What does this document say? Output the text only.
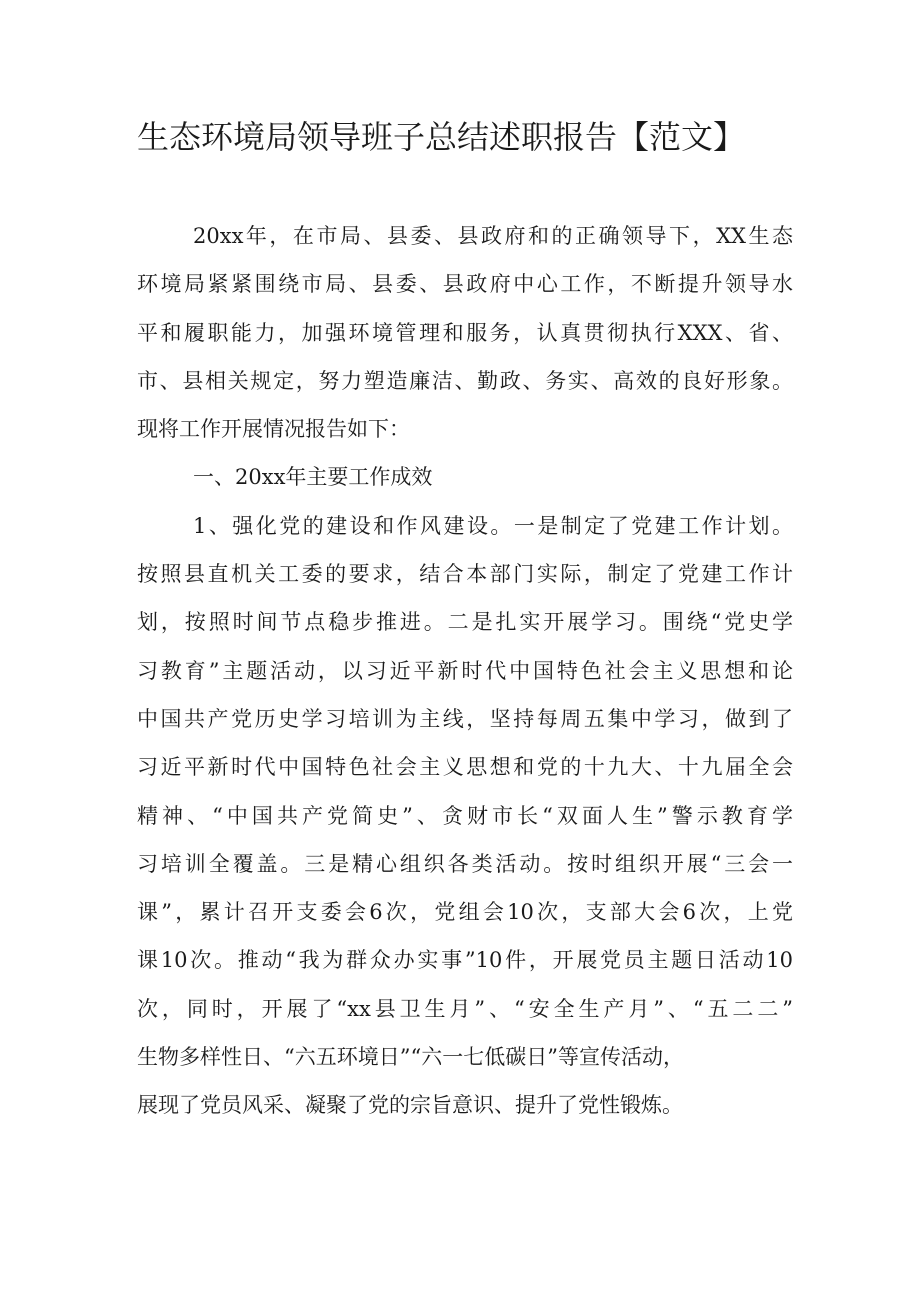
生态环境局领导班子总结述职报告【范文】
20xx年，在市局、县委、县政府和的正确领导下，XX生态
环境局紧紧围绕市局、县委、县政府中心工作，不断提升领导水
平和履职能力，加强环境管理和服务，认真贯彻执行XXX、省、
市、县相关规定，努力塑造廉洁、勤政、务实、高效的良好形象。
现将工作开展情况报告如下：
一、20xx年主要工作成效
1、强化党的建设和作风建设。一是制定了党建工作计划。
按照县直机关工委的要求，结合本部门实际，制定了党建工作计
划，按照时间节点稳步推进。二是扎实开展学习。围绕“党史学
习教育”主题活动，以习近平新时代中国特色社会主义思想和论
中国共产党历史学习培训为主线，坚持每周五集中学习，做到了
习近平新时代中国特色社会主义思想和党的十九大、十九届全会
精神、“中国共产党简史”、贪财市长“双面人生”警示教育学
习培训全覆盖。三是精心组织各类活动。按时组织开展“三会一
课”，累计召开支委会6次，党组会10次，支部大会6次，上党
课10次。推动“我为群众办实事”10件，开展党员主题日活动10
次，同时，开展了“xx县卫生月”、“安全生产月”、“五二二”
生物多样性日、“六五环境日”“六一七低碳日”等宣传活动，
展现了党员风采、凝聚了党的宗旨意识、提升了党性锻炼。
